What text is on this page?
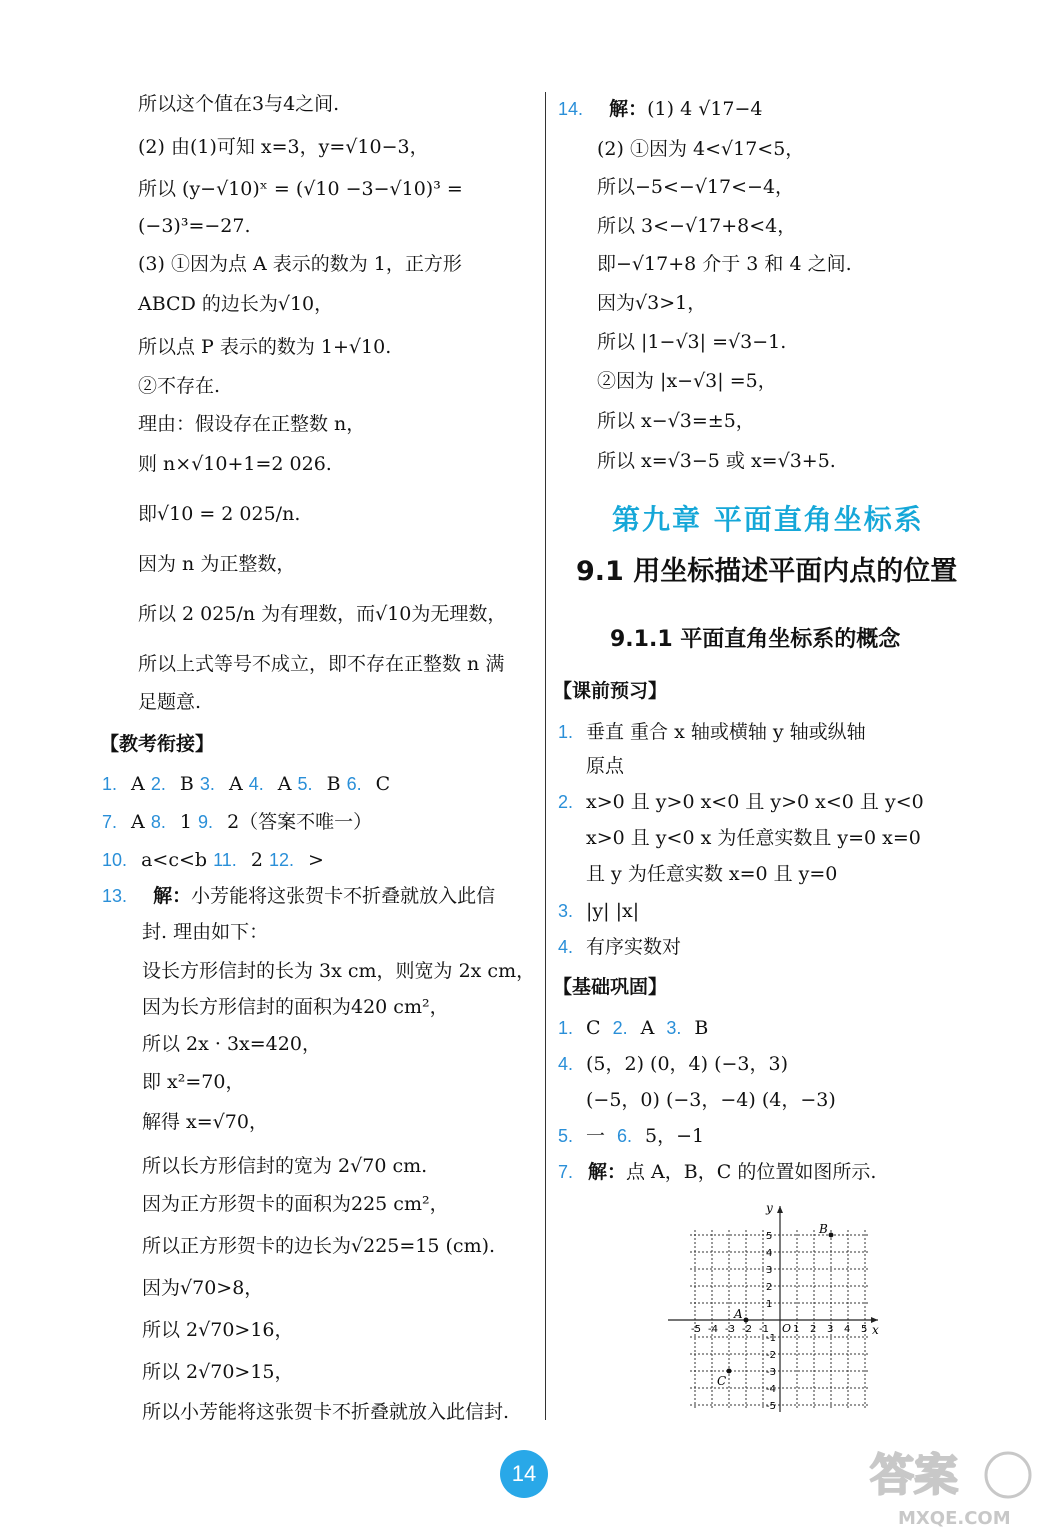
所以这个值在3与4之间.
(2) 由(1)可知 x=3，y=√10−3，
所以 (y−√10)ˣ = (√10 −3−√10)³ =
(−3)³=−27.
(3) ①因为点 A 表示的数为 1，正方形
ABCD 的边长为√10，
所以点 P 表示的数为 1+√10.
②不存在.
理由：假设存在正整数 n，
则 n×√10+1=2 026.
即√10 = 2 025/n.
因为 n 为正整数，
所以 2 025/n 为有理数，而√10为无理数，
所以上式等号不成立，即不存在正整数 n 满
足题意.
设长方形信封的长为 3x cm，则宽为 2x cm，
因为长方形信封的面积为420 cm²，
所以 2x · 3x=420，
即 x²=70，
解得 x=√70，
所以长方形信封的宽为 2√70 cm.
因为正方形贺卡的面积为225 cm²，
所以正方形贺卡的边长为√225=15 (cm).
因为√70>8，
所以 2√70>16，
所以 2√70>15，
所以小芳能将这张贺卡不折叠就放入此信封.
【教考衔接】
1. A 2. B 3. A 4. A 5. B 6. C
7. A 8. 1 9. 2（答案不唯一）
10. a<c<b 11. 2 12. >
13. 解：小芳能将这张贺卡不折叠就放入此信
封. 理由如下：
14. 解：(1) 4 √17−4
(2) ①因为 4<√17<5，
所以−5<−√17<−4，
所以 3<−√17+8<4，
即−√17+8 介于 3 和 4 之间.
因为√3>1，
所以 |1−√3| =√3−1.
②因为 |x−√3| =5，
所以 x−√3=±5，
所以 x=√3−5 或 x=√3+5.
第九章 平面直角坐标系
9.1 用坐标描述平面内点的位置
9.1.1 平面直角坐标系的概念
【课前预习】
1. 垂直 重合 x 轴或横轴 y 轴或纵轴
原点
2. x>0 且 y>0 x<0 且 y>0 x<0 且 y<0
x>0 且 y<0 x 为任意实数且 y=0 x=0
且 y 为任意实数 x=0 且 y=0
3. |y| |x|
4. 有序实数对
【基础巩固】
1. C 2. A 3. B
4. (5，2) (0，4) (−3，3)
(−5，0) (−3，−4) (4，−3)
5. 一 6. 5，−1
7. 解：点 A，B，C 的位置如图所示.
x
y
O
-5 -4 -3 -2 -1 1 2 3 4 5
5
4
3
2
1
-1
-2
-3
-4
-5
A
B
C
14	答案
MXQE.COM
